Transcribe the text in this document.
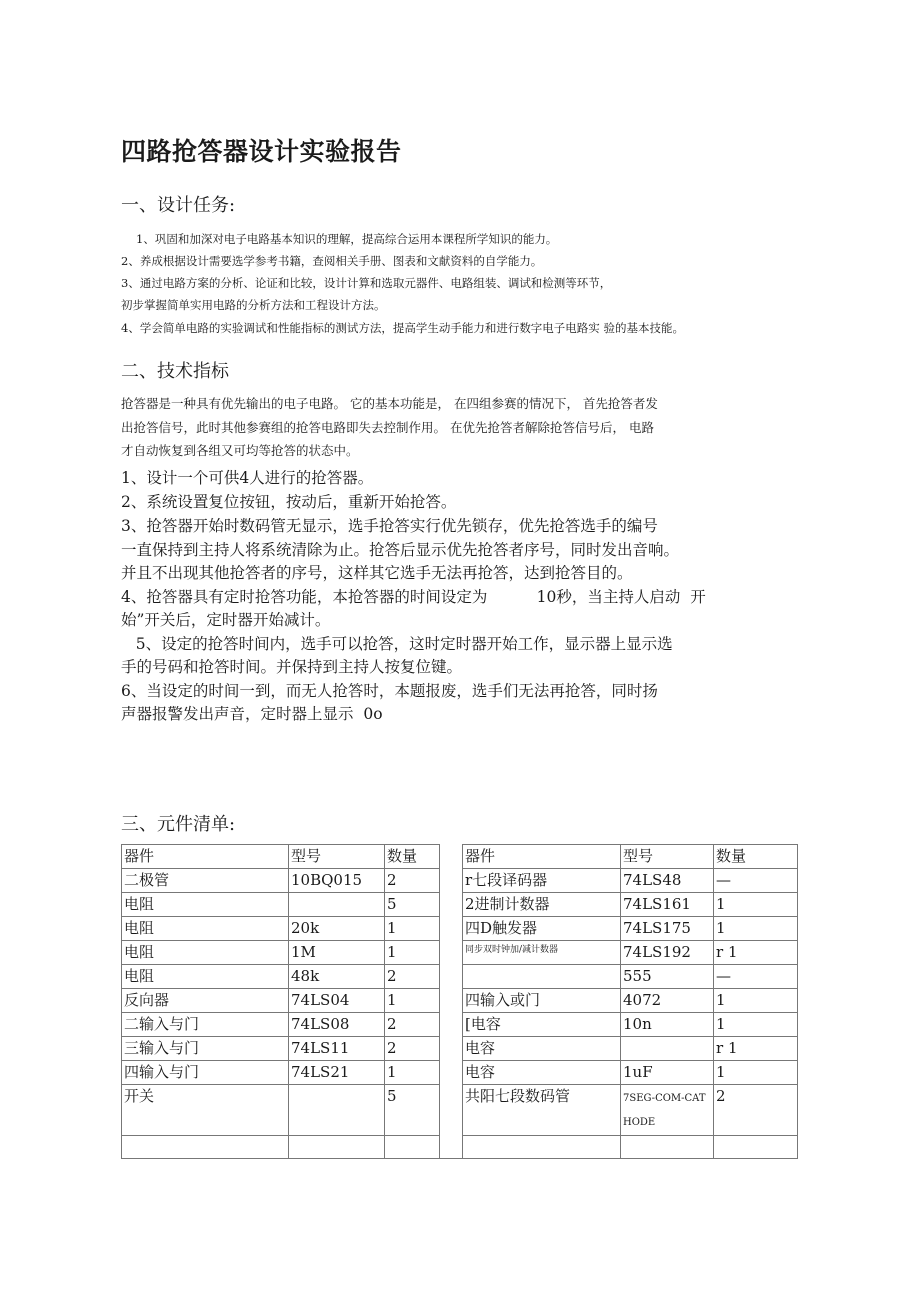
四路抢答器设计实验报告
一、设计任务:
1、巩固和加深对电子电路基本知识的理解，提高综合运用本课程所学知识的能力。
2、养成根据设计需要选学参考书籍，查阅相关手册、图表和文献资料的自学能力。
3、通过电路方案的分析、论证和比较，设计计算和选取元器件、电路组装、调试和检测等环节，
初步掌握简单实用电路的分析方法和工程设计方法。
4、学会简单电路的实验调试和性能指标的测试方法，提高学生动手能力和进行数字电子电路实 验的基本技能。
二、技术指标
抢答器是一种具有优先输出的电子电路。 它的基本功能是， 在四组参赛的情况下， 首先抢答者发
出抢答信号，此时其他参赛组的抢答电路即失去控制作用。 在优先抢答者解除抢答信号后， 电路
才自动恢复到各组又可均等抢答的状态中。
1、设计一个可供4人进行的抢答器。
2、系统设置复位按钮，按动后，重新开始抢答。
3、抢答器开始时数码管无显示，选手抢答实行优先锁存，优先抢答选手的编号
一直保持到主持人将系统清除为止。抢答后显示优先抢答者序号，同时发出音响。
并且不出现其他抢答者的序号，这样其它选手无法再抢答，达到抢答目的。
4、抢答器具有定时抢答功能，本抢答器的时间设定为          10秒，当主持人启动  开
始”开关后，定时器开始减计。
5、设定的抢答时间内，选手可以抢答，这时定时器开始工作，显示器上显示选
手的号码和抢答时间。并保持到主持人按复位键。
6、当设定的时间一到，而无人抢答时，本题报废，选手们无法再抢答，同时扬
声器报警发出声音，定时器上显示  0o
三、元件清单:
器件	型号	数量		器件	型号	数量
二极管	10BQ015	2		r七段译码器	74LS48	—
电阻		5		2进制计数器	74LS161	1
电阻	20k	1		四D触发器	74LS175	1
电阻	1M	1		同步双时钟加/减计数器	74LS192	r 1
电阻	48k	2			555	—
反向器	74LS04	1		四输入或门	4072	1
二输入与门	74LS08	2		[电容	10n	1
三输入与门	74LS11	2		电容		r 1
四输入与门	74LS21	1		电容	1uF	1
开关		5		共阳七段数码管	7SEG-COM-CATHODE	2
